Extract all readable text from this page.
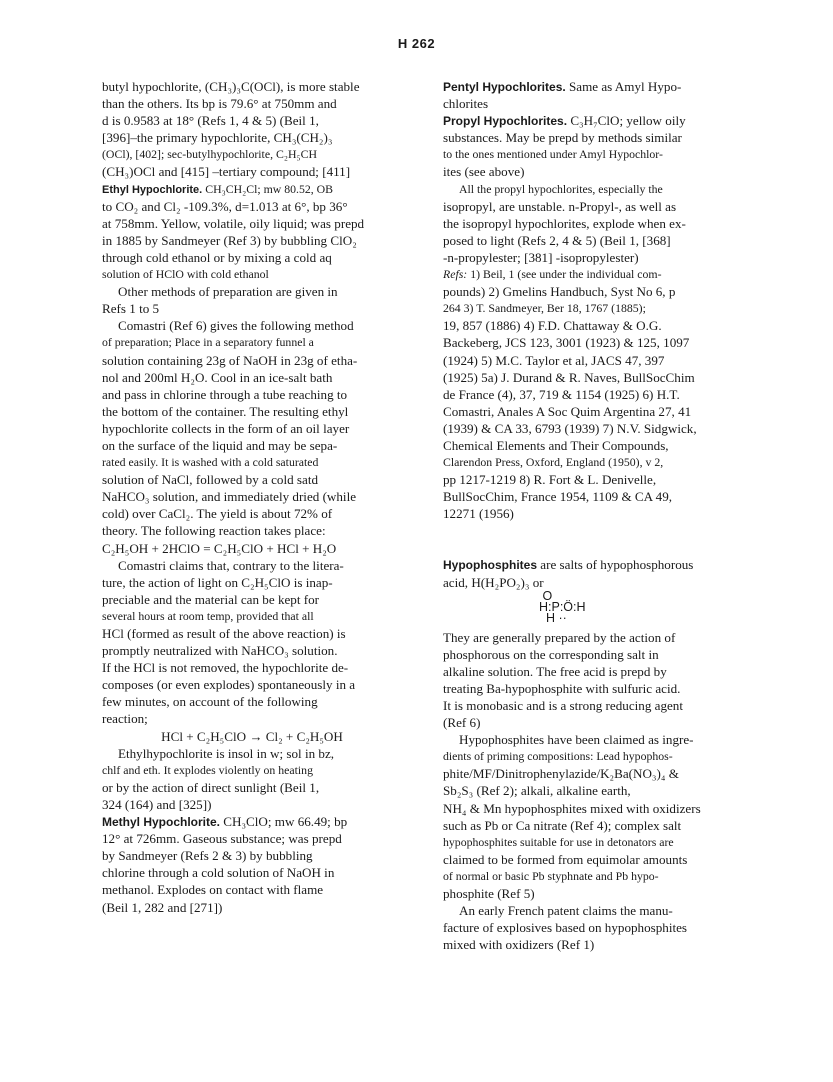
H 262
butyl hypochlorite, (CH₃)₃C(OCl), is more stable
than the others. Its bp is 79.6° at 750mm and
d is 0.9583 at 18° (Refs 1, 4 & 5) (Beil 1,
[396]–the primary hypochlorite, CH₃(CH₂)₃
(OCl), [402]; sec-butylhypochlorite, C₂H₅CH
(CH₃)OCl and [415] –tertiary compound; [411]
Ethyl Hypochlorite. CH₃CH₂Cl; mw 80.52, OB
to CO₂ and Cl₂ -109.3%, d=1.013 at 6°, bp 36°
at 758mm. Yellow, volatile, oily liquid; was prepd
in 1885 by Sandmeyer (Ref 3) by bubbling ClO₂
through cold ethanol or by mixing a cold aq
solution of HClO with cold ethanol
Other methods of preparation are given in
Refs 1 to 5
Comastri (Ref 6) gives the following method
of preparation; Place in a separatory funnel a
solution containing 23g of NaOH in 23g of etha-
nol and 200ml H₂O. Cool in an ice-salt bath
and pass in chlorine through a tube reaching to
the bottom of the container. The resulting ethyl
hypochlorite collects in the form of an oil layer
on the surface of the liquid and may be sepa-
rated easily. It is washed with a cold saturated
solution of NaCl, followed by a cold satd
NaHCO₃ solution, and immediately dried (while
cold) over CaCl₂. The yield is about 72% of
theory. The following reaction takes place:
C₂H₅OH + 2HClO = C₂H₅ClO + HCl + H₂O
Comastri claims that, contrary to the litera-
ture, the action of light on C₂H₅ClO is inap-
preciable and the material can be kept for
several hours at room temp, provided that all
HCl (formed as result of the above reaction) is
promptly neutralized with NaHCO₃ solution.
If the HCl is not removed, the hypochlorite de-
composes (or even explodes) spontaneously in a
few minutes, on account of the following
reaction;
HCl + C₂H₅ClO → Cl₂ + C₂H₅OH
Ethylhypochlorite is insol in w; sol in bz,
chlf and eth. It explodes violently on heating
or by the action of direct sunlight (Beil 1,
324 (164) and [325])
Methyl Hypochlorite. CH₃ClO; mw 66.49; bp
12° at 726mm. Gaseous substance; was prepd
by Sandmeyer (Refs 2 & 3) by bubbling
chlorine through a cold solution of NaOH in
methanol. Explodes on contact with flame
(Beil 1, 282 and [271])
Pentyl Hypochlorites. Same as Amyl Hypo-
chlorites
Propyl Hypochlorites. C₃H₇ClO; yellow oily
substances. May be prepd by methods similar
to the ones mentioned under Amyl Hypochlor-
ites (see above)
All the propyl hypochlorites, especially the
isopropyl, are unstable. n-Propyl-, as well as
the isopropyl hypochlorites, explode when ex-
posed to light (Refs 2, 4 & 5) (Beil 1, [368]
-n-propylester; [381] -isopropylester)
Refs: 1) Beil, 1 (see under the individual com-
pounds) 2) Gmelins Handbuch, Syst No 6, p
264 3) T. Sandmeyer, Ber 18, 1767 (1885);
19, 857 (1886) 4) F.D. Chattaway & O.G.
Backeberg, JCS 123, 3001 (1923) & 125, 1097
(1924) 5) M.C. Taylor et al, JACS 47, 397
(1925) 5a) J. Durand & R. Naves, BullSocChim
de France (4), 37, 719 & 1154 (1925) 6) H.T.
Comastri, Anales A Soc Quim Argentina 27, 41
(1939) & CA 33, 6793 (1939) 7) N.V. Sidgwick,
Chemical Elements and Their Compounds,
Clarendon Press, Oxford, England (1950), v 2,
pp 1217-1219 8) R. Fort & L. Denivelle,
BullSocChim, France 1954, 1109 & CA 49,
12271 (1956)
Hypophosphites are salts of hypophosphorous
acid, H(H₂PO₂)₃ or
O
H:P:Ö:H
H ··
They are generally prepared by the action of
phosphorous on the corresponding salt in
alkaline solution. The free acid is prepd by
treating Ba-hypophosphite with sulfuric acid.
It is monobasic and is a strong reducing agent
(Ref 6)
Hypophosphites have been claimed as ingre-
dients of priming compositions: Lead hypophos-
phite/MF/Dinitrophenylazide/K₂Ba(NO₃)₄ &
Sb₂S₃ (Ref 2); alkali, alkaline earth,
NH₄ & Mn hypophosphites mixed with oxidizers
such as Pb or Ca nitrate (Ref 4); complex salt
hypophosphites suitable for use in detonators are
claimed to be formed from equimolar amounts
of normal or basic Pb styphnate and Pb hypo-
phosphite (Ref 5)
An early French patent claims the manu-
facture of explosives based on hypophosphites
mixed with oxidizers (Ref 1)
